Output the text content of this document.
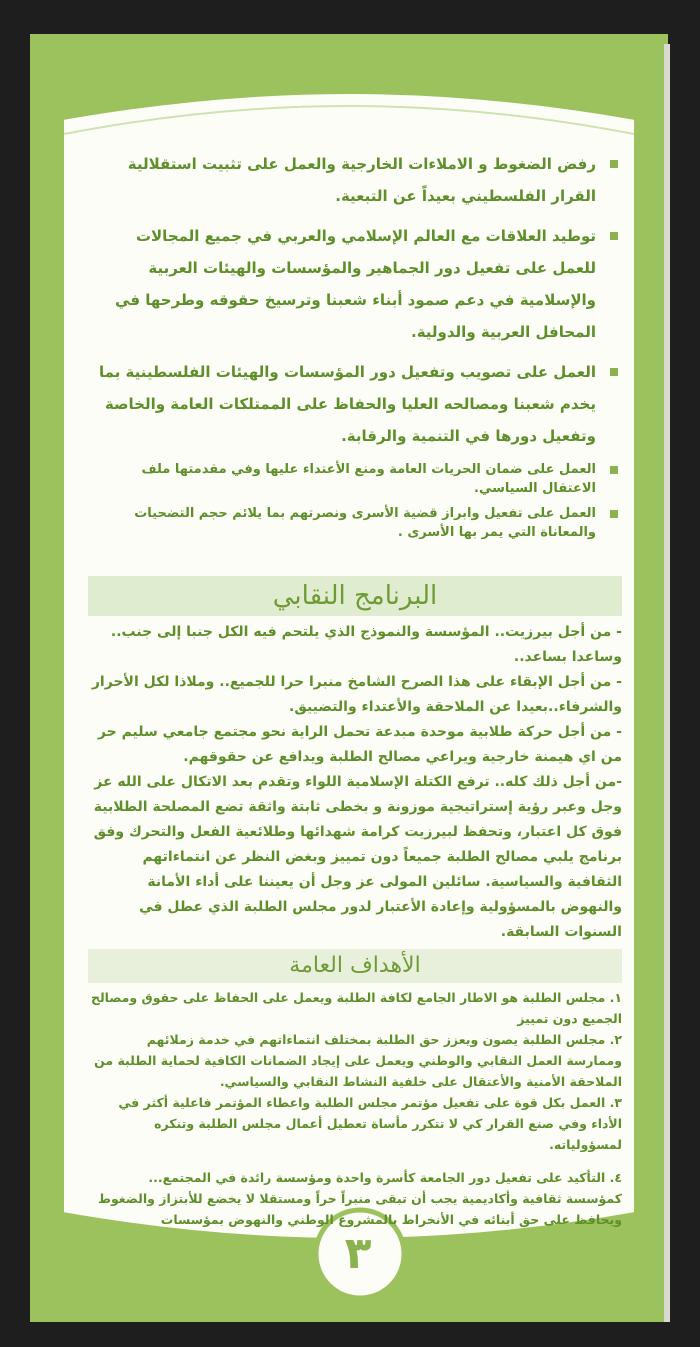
رفض الضغوط و الاملاءات الخارجية والعمل على تثبيت استقلالية القرار الفلسطيني بعيداً عن التبعية.
توطيد العلاقات مع العالم الإسلامي والعربي في جميع المجالات للعمل على تفعيل دور الجماهير والمؤسسات والهيئات العربية والإسلامية في دعم صمود أبناء شعبنا وترسيخ حقوقه وطرحها في المحافل العربية والدولية.
العمل على تصويب وتفعيل دور المؤسسات والهيئات الفلسطينية بما يخدم شعبنا ومصالحه العليا والحفاظ على الممتلكات العامة والخاصة وتفعيل دورها في التنمية والرقابة.
العمل على ضمان الحريات العامة ومنع الأعتداء عليها وفي مقدمتها ملف الاعتقال السياسي.
العمل على تفعيل وابراز قضية الأسرى ونصرتهم بما يلائم حجم التضحيات والمعاناة التي يمر بها الأسرى .
البرنامج النقابي

- من أجل بيرزيت.. المؤسسة والنموذج الذي يلتحم فيه الكل جنبا إلى جنب.. وساعدا بساعد..

- من أجل الإبقاء على هذا الصرح الشامخ منبرا حرا للجميع.. وملاذا لكل الأحرار والشرفاء..بعيدا عن الملاحقة والأعتداء والتضييق.

- من أجل حركة طلابية موحدة مبدعة تحمل الراية نحو مجتمع جامعي سليم حر من اي هيمنة خارجية ويراعي مصالح الطلبة ويدافع عن حقوقهم.

-من أجل ذلك كله.. ترفع الكتلة الإسلامية اللواء وتقدم بعد الاتكال على الله عز وجل وعبر رؤية إستراتيجية موزونة و بخطى ثابتة واثقة تضع المصلحة الطلابية فوق كل اعتبار، وتحفظ لبيرزيت كرامة شهدائها وطلائعية الفعل والتحرك وفق برنامج يلبي مصالح الطلبة جميعاً دون تمييز وبغض النظر عن انتماءاتهم الثقافية والسياسية. سائلين المولى عز وجل أن يعيننا على أداء الأمانة والنهوض بالمسؤولية وإعادة الأعتبار لدور مجلس الطلبة الذي عطل في السنوات السابقة.

الأهداف العامة

١. مجلس الطلبة هو الاطار الجامع لكافة الطلبة ويعمل على الحفاظ على حقوق ومصالح الجميع دون تمييز

٢. مجلس الطلبة يصون ويعزز حق الطلبة بمختلف انتماءاتهم في خدمة زملائهم وممارسة العمل النقابي والوطني ويعمل على إيجاد الضمانات الكافية لحماية الطلبة من الملاحقة الأمنية والأعتقال على خلفية النشاط النقابي والسياسي.

٣. العمل بكل قوة على تفعيل مؤتمر مجلس الطلبة واعطاء المؤتمر فاعلية أكثر في الأداء وفي صنع القرار كي لا تتكرر مأساة تعطيل أعمال مجلس الطلبة وتنكره لمسؤولياته.

٤. التأكيد على تفعيل دور الجامعة كأسرة واحدة ومؤسسة رائدة في المجتمع... كمؤسسة ثقافية وأكاديمية يجب أن تبقى منبراً حراً ومستقلا لا يخضع للأبتزاز والضغوط ويحافظ على حق أبنائه في الأنخراط بالمشروع الوطني والنهوض بمؤسسات

٣
